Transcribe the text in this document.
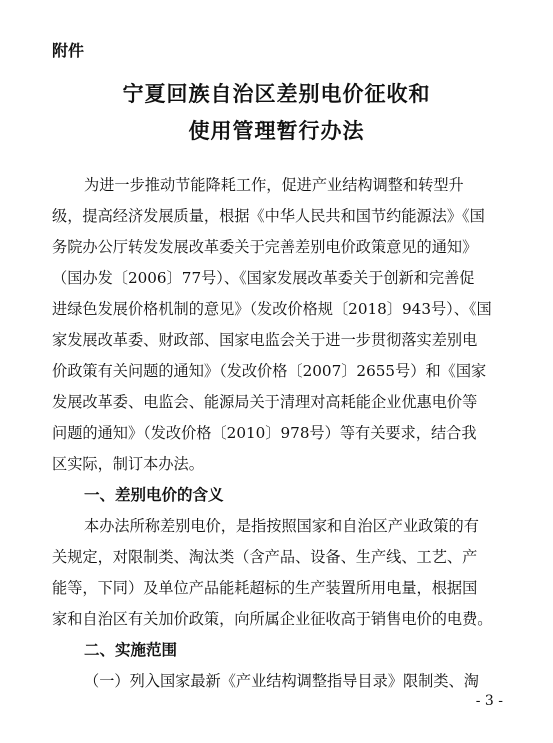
附件
宁夏回族自治区差别电价征收和
使用管理暂行办法
为进一步推动节能降耗工作，促进产业结构调整和转型升
级，提高经济发展质量，根据《中华人民共和国节约能源法》《国
务院办公厅转发发展改革委关于完善差别电价政策意见的通知》
（国办发〔2006〕77号）、《国家发展改革委关于创新和完善促
进绿色发展价格机制的意见》（发改价格规〔2018〕943号）、《国
家发展改革委、财政部、国家电监会关于进一步贯彻落实差别电
价政策有关问题的通知》（发改价格〔2007〕2655号）和《国家
发展改革委、电监会、能源局关于清理对高耗能企业优惠电价等
问题的通知》（发改价格〔2010〕978号）等有关要求，结合我
区实际，制订本办法。
一、差别电价的含义
本办法所称差别电价，是指按照国家和自治区产业政策的有
关规定，对限制类、淘汰类（含产品、设备、生产线、工艺、产
能等，下同）及单位产品能耗超标的生产装置所用电量，根据国
家和自治区有关加价政策，向所属企业征收高于销售电价的电费。
二、实施范围
（一）列入国家最新《产业结构调整指导目录》限制类、淘
- 3 -
